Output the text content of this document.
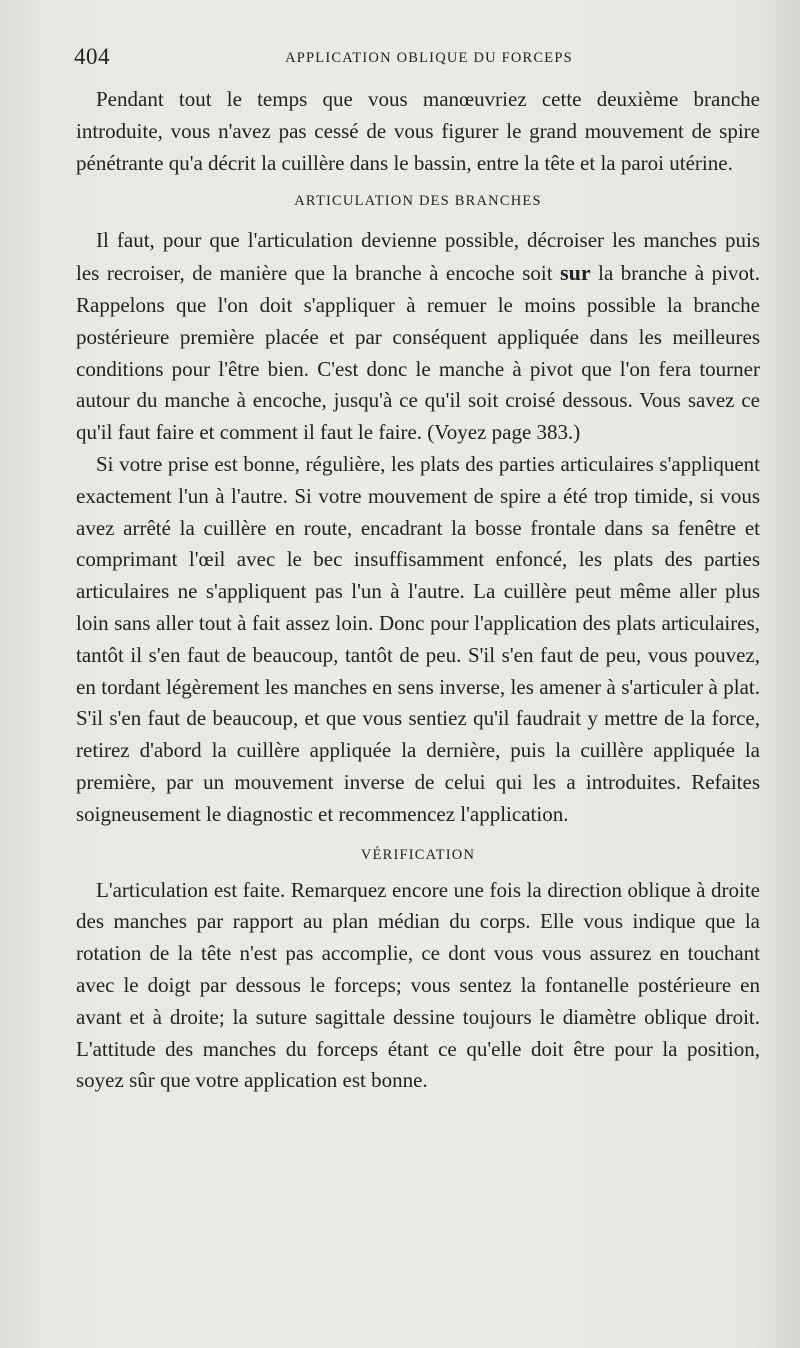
404	APPLICATION OBLIQUE DU FORCEPS

Pendant tout le temps que vous manœuvriez cette deuxième branche introduite, vous n'avez pas cessé de vous figurer le grand mouvement de spire pénétrante qu'a décrit la cuillère dans le bassin, entre la tête et la paroi utérine.

ARTICULATION DES BRANCHES

Il faut, pour que l'articulation devienne possible, décroiser les manches puis les recroiser, de manière que la branche à encoche soit sur la branche à pivot. Rappelons que l'on doit s'appliquer à remuer le moins possible la branche postérieure première placée et par conséquent appliquée dans les meilleures conditions pour l'être bien. C'est donc le manche à pivot que l'on fera tourner autour du manche à encoche, jusqu'à ce qu'il soit croisé dessous. Vous savez ce qu'il faut faire et comment il faut le faire. (Voyez page 383.)

Si votre prise est bonne, régulière, les plats des parties articulaires s'appliquent exactement l'un à l'autre. Si votre mouvement de spire a été trop timide, si vous avez arrêté la cuillère en route, encadrant la bosse frontale dans sa fenêtre et comprimant l'œil avec le bec insuffisamment enfoncé, les plats des parties articulaires ne s'appliquent pas l'un à l'autre. La cuillère peut même aller plus loin sans aller tout à fait assez loin. Donc pour l'application des plats articulaires, tantôt il s'en faut de beaucoup, tantôt de peu. S'il s'en faut de peu, vous pouvez, en tordant légèrement les manches en sens inverse, les amener à s'articuler à plat. S'il s'en faut de beaucoup, et que vous sentiez qu'il faudrait y mettre de la force, retirez d'abord la cuillère appliquée la dernière, puis la cuillère appliquée la première, par un mouvement inverse de celui qui les a introduites. Refaites soigneusement le diagnostic et recommencez l'application.

VÉRIFICATION

L'articulation est faite. Remarquez encore une fois la direction oblique à droite des manches par rapport au plan médian du corps. Elle vous indique que la rotation de la tête n'est pas accomplie, ce dont vous vous assurez en touchant avec le doigt par dessous le forceps; vous sentez la fontanelle postérieure en avant et à droite; la suture sagittale dessine toujours le diamètre oblique droit. L'attitude des manches du forceps étant ce qu'elle doit être pour la position, soyez sûr que votre application est bonne.
